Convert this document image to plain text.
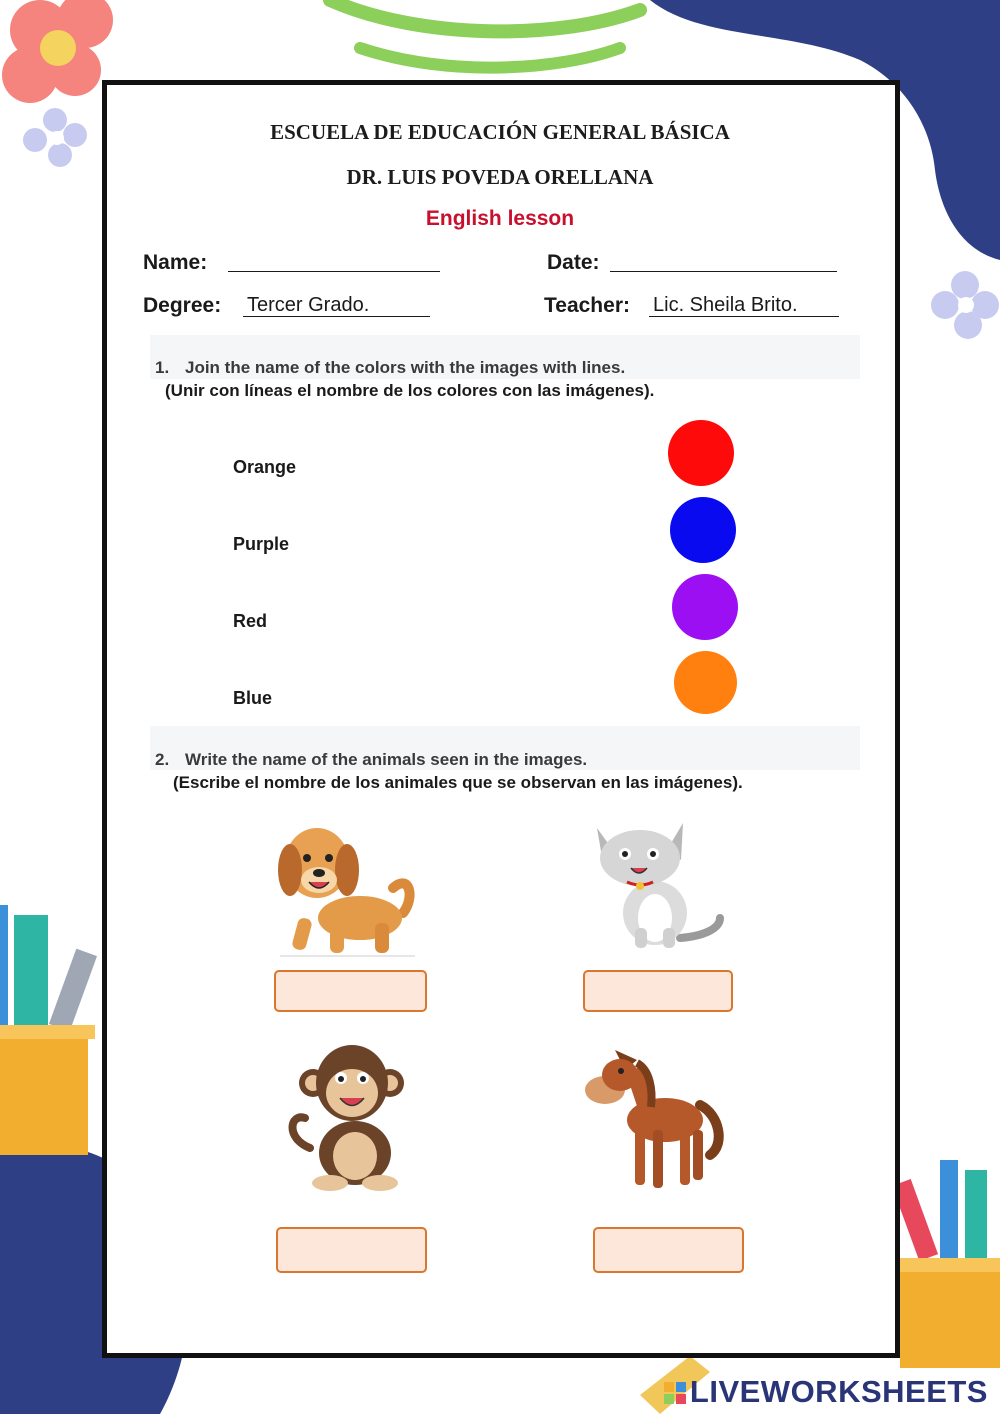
ESCUELA DE EDUCACIÓN GENERAL BÁSICA
DR. LUIS POVEDA ORELLANA
English lesson
Name:	Date:
Degree: Tercer Grado.	Teacher: Lic. Sheila Brito.
1. Join the name of the colors with the images with lines.
(Unir con líneas el nombre de los colores con las imágenes).
Orange
Purple
Red
Blue
2. Write the name of the animals seen in the images.
(Escribe el nombre de los animales que se observan en las imágenes).
LIVEWORKSHEETS
